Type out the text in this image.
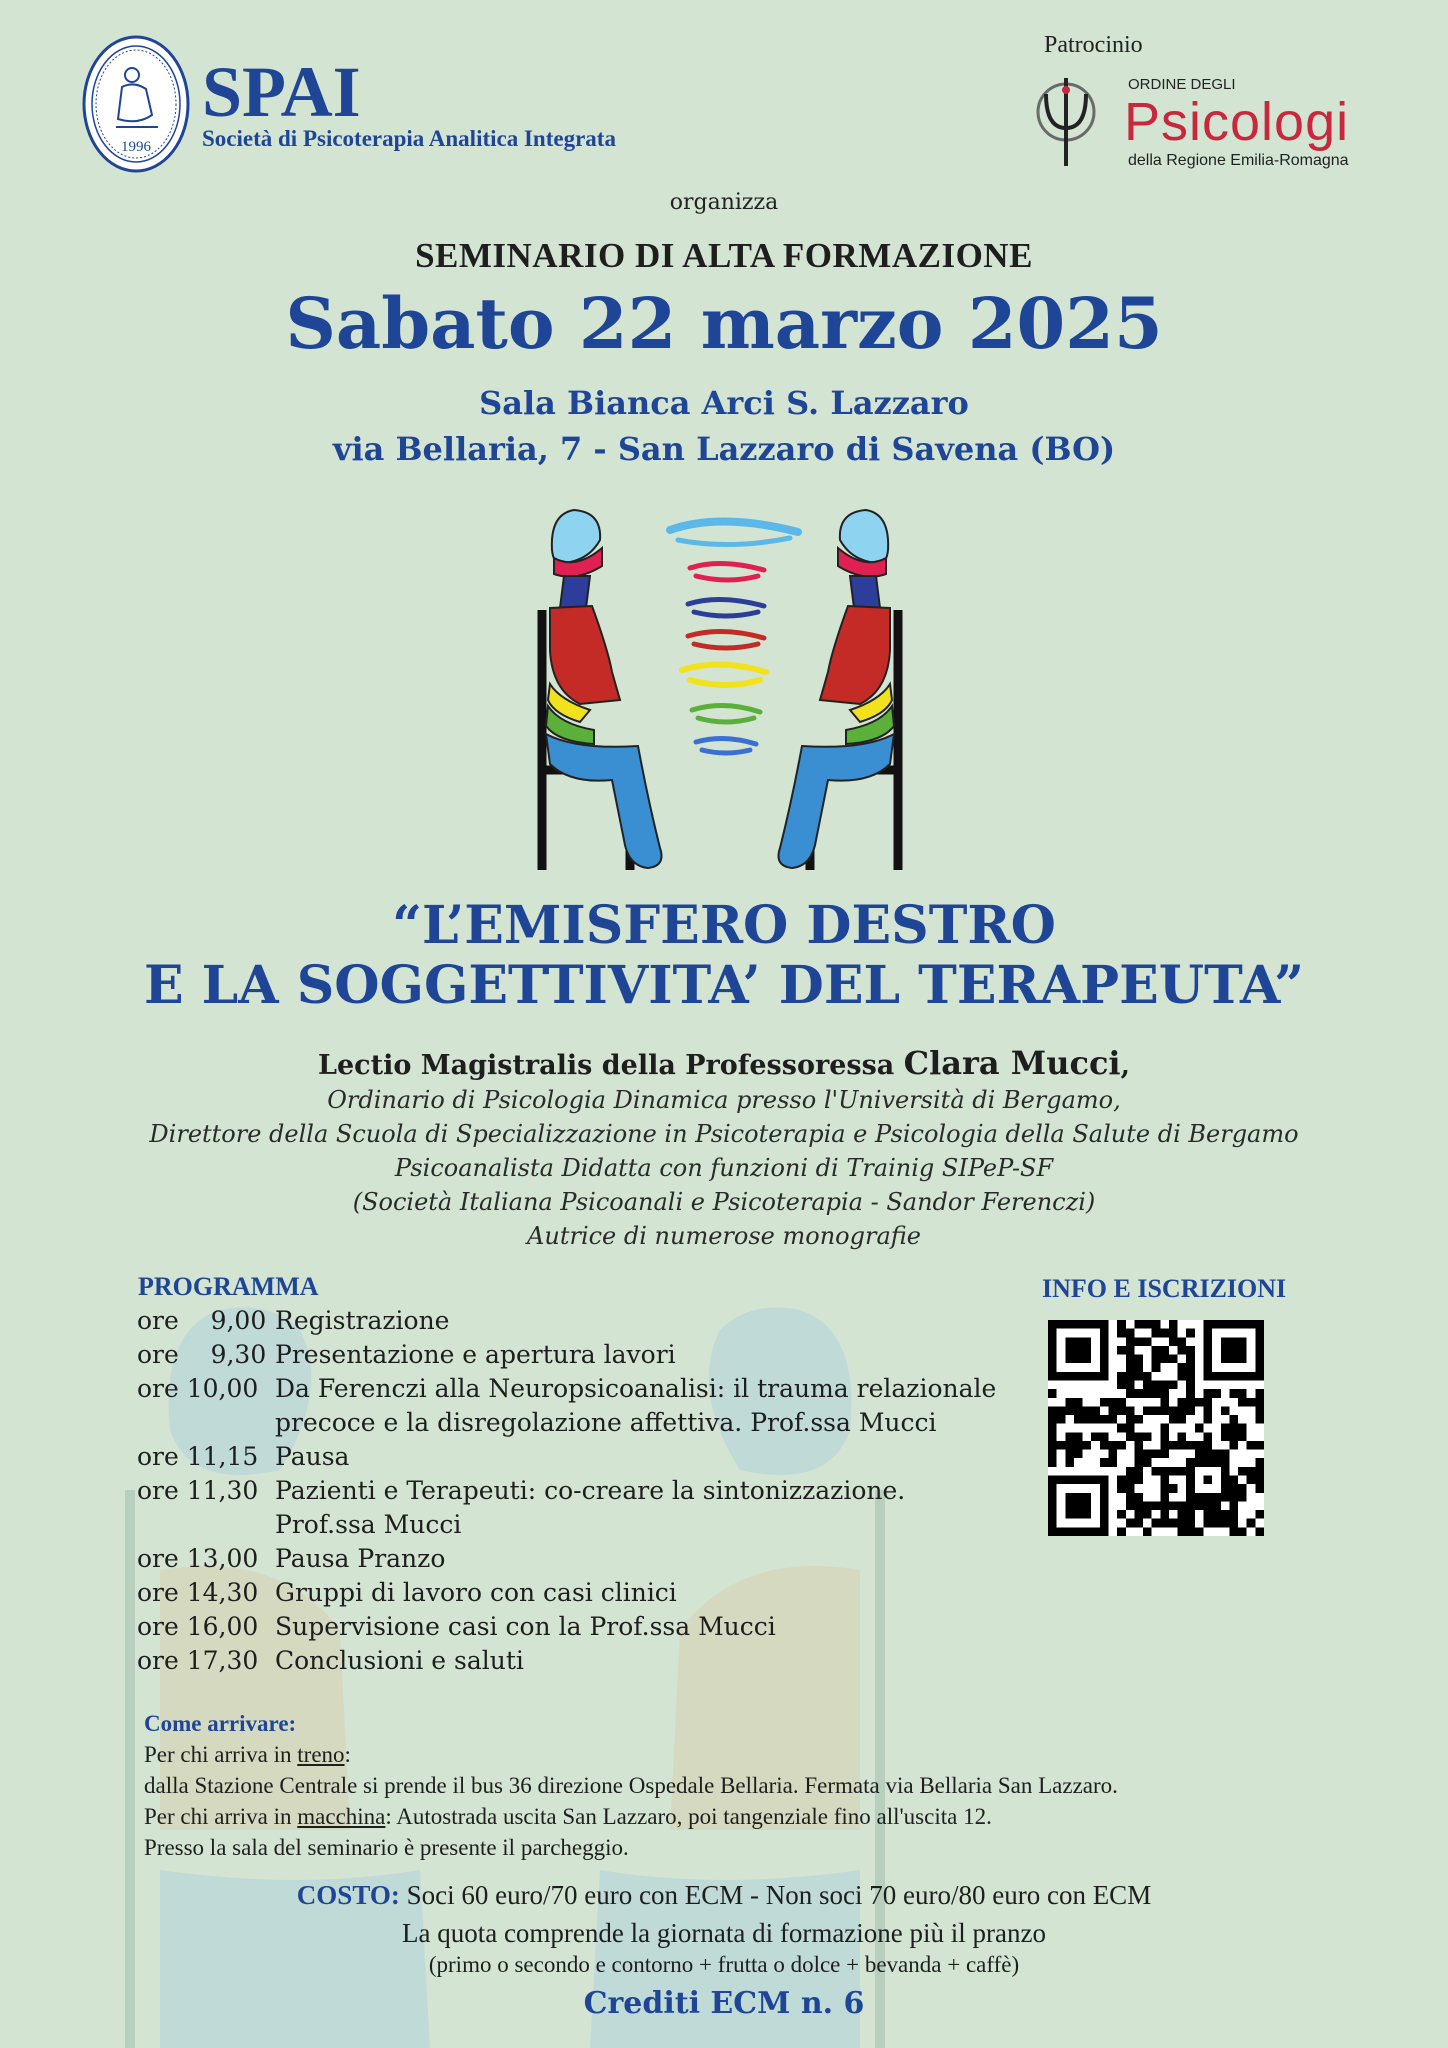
1996
SPAI
Società di Psicoterapia Analitica Integrata
Patrocinio
ORDINE DEGLI
Psicologi
della Regione Emilia-Romagna
organizza
SEMINARIO DI ALTA FORMAZIONE
Sabato 22 marzo 2025
Sala Bianca Arci S. Lazzaro
via Bellaria, 7 - San Lazzaro di Savena (BO)
“L’EMISFERO DESTRO
E LA SOGGETTIVITA’ DEL TERAPEUTA”
Lectio Magistralis della Professoressa Clara Mucci,
Ordinario di Psicologia Dinamica presso l'Università di Bergamo,
Direttore della Scuola di Specializzazione in Psicoterapia e Psicologia della Salute di Bergamo
Psicoanalista Didatta con funzioni di Trainig SIPeP-SF
(Società Italiana Psicoanali e Psicoterapia - Sandor Ferenczi)
Autrice di numerose monografie
PROGRAMMA
ore    9,00 Registrazione
ore    9,30 Presentazione e apertura lavori
ore 10,00 Da Ferenczi alla Neuropsicoanalisi: il trauma relazionale precoce e la disregolazione affettiva. Prof.ssa Mucci
ore 11,15 Pausa
ore 11,30 Pazienti e Terapeuti: co-creare la sintonizzazione. Prof.ssa Mucci
ore 13,00 Pausa Pranzo
ore 14,30 Gruppi di lavoro con casi clinici
ore 16,00 Supervisione casi con la Prof.ssa Mucci
ore 17,30 Conclusioni e saluti
INFO E ISCRIZIONI
Come arrivare:
Per chi arriva in treno:
dalla Stazione Centrale si prende il bus 36 direzione Ospedale Bellaria. Fermata via Bellaria San Lazzaro.
Per chi arriva in macchina: Autostrada uscita San Lazzaro, poi tangenziale fino all'uscita 12.
Presso la sala del seminario è presente il parcheggio.
COSTO: Soci 60 euro/70 euro con ECM - Non soci 70 euro/80 euro con ECM
La quota comprende la giornata di formazione più il pranzo
(primo o secondo e contorno + frutta o dolce + bevanda + caffè)
Crediti ECM n. 6
